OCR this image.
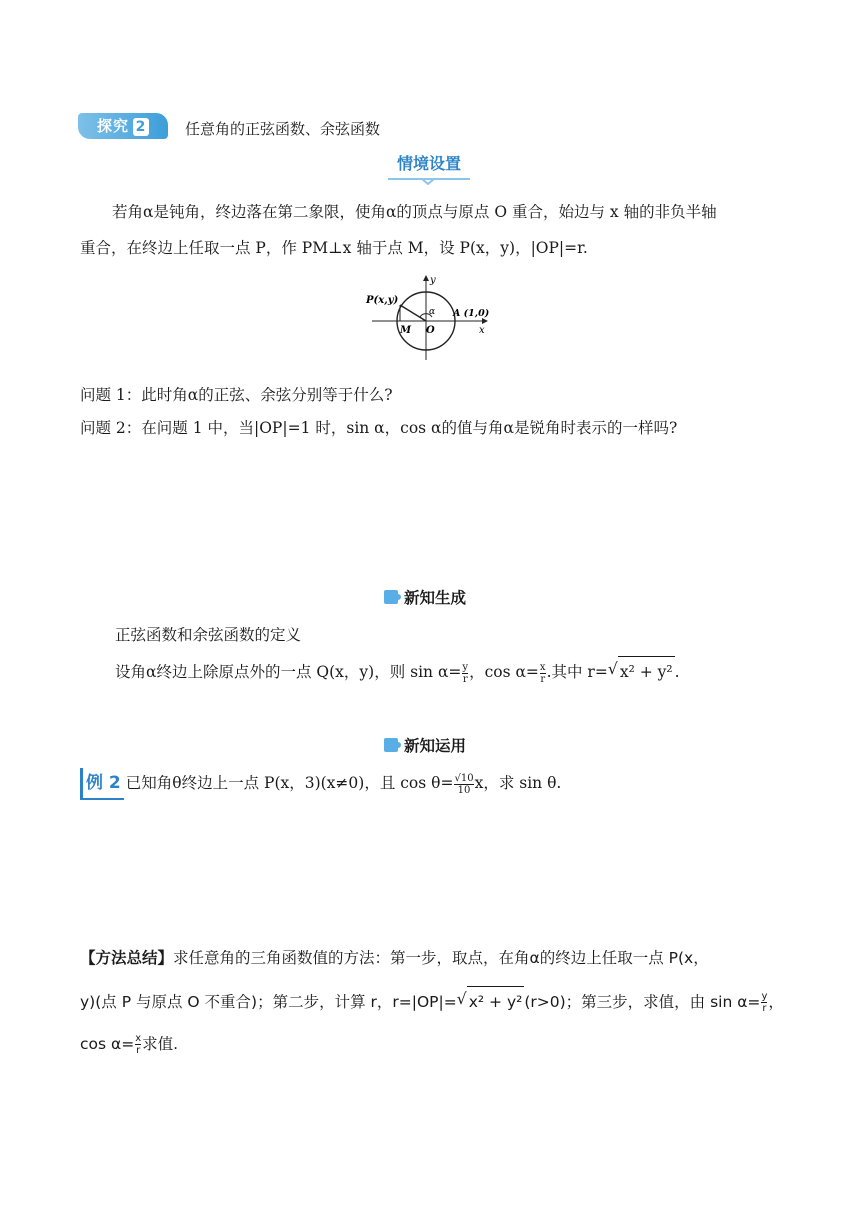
探究 2	任意角的正弦函数、余弦函数
情境设置
若角α是钝角，终边落在第二象限，使角α的顶点与原点 O 重合，始边与 x 轴的非负半轴
重合，在终边上任取一点 P，作 PM⊥x 轴于点 M，设 P(x，y)，|OP|=r.
y
x
P(x,y)
α A (1,0)
M O
问题 1：此时角α的正弦、余弦分别等于什么?
问题 2：在问题 1 中，当|OP|=1 时，sin α，cos α的值与角α是锐角时表示的一样吗?
新知生成
正弦函数和余弦函数的定义
设角α终边上除原点外的一点 Q(x，y)，则 $\sin \alpha= \frac{y}{r}$ ，$\cos \alpha= \frac{x}{r}$ .其中 r= √ x² + y² .
新知运用
例 2 已知角θ终边上一点 P(x，3)(x≠0)，且 $\cos \theta= \frac{√10}{10}$ x，求 sin θ.
【方法总结】求任意角的三角函数值的方法：第一步，取点，在角α的终边上任取一点 P(x，
y)(点 P 与原点 O 不重合)；第二步，计算 r，r=|OP|= √ x² + y² (r>0)；第三步，求值，由 $\sin \alpha= \frac{y}{r}$ ，
$\cos \alpha= \frac{x}{r}$ 求值.
